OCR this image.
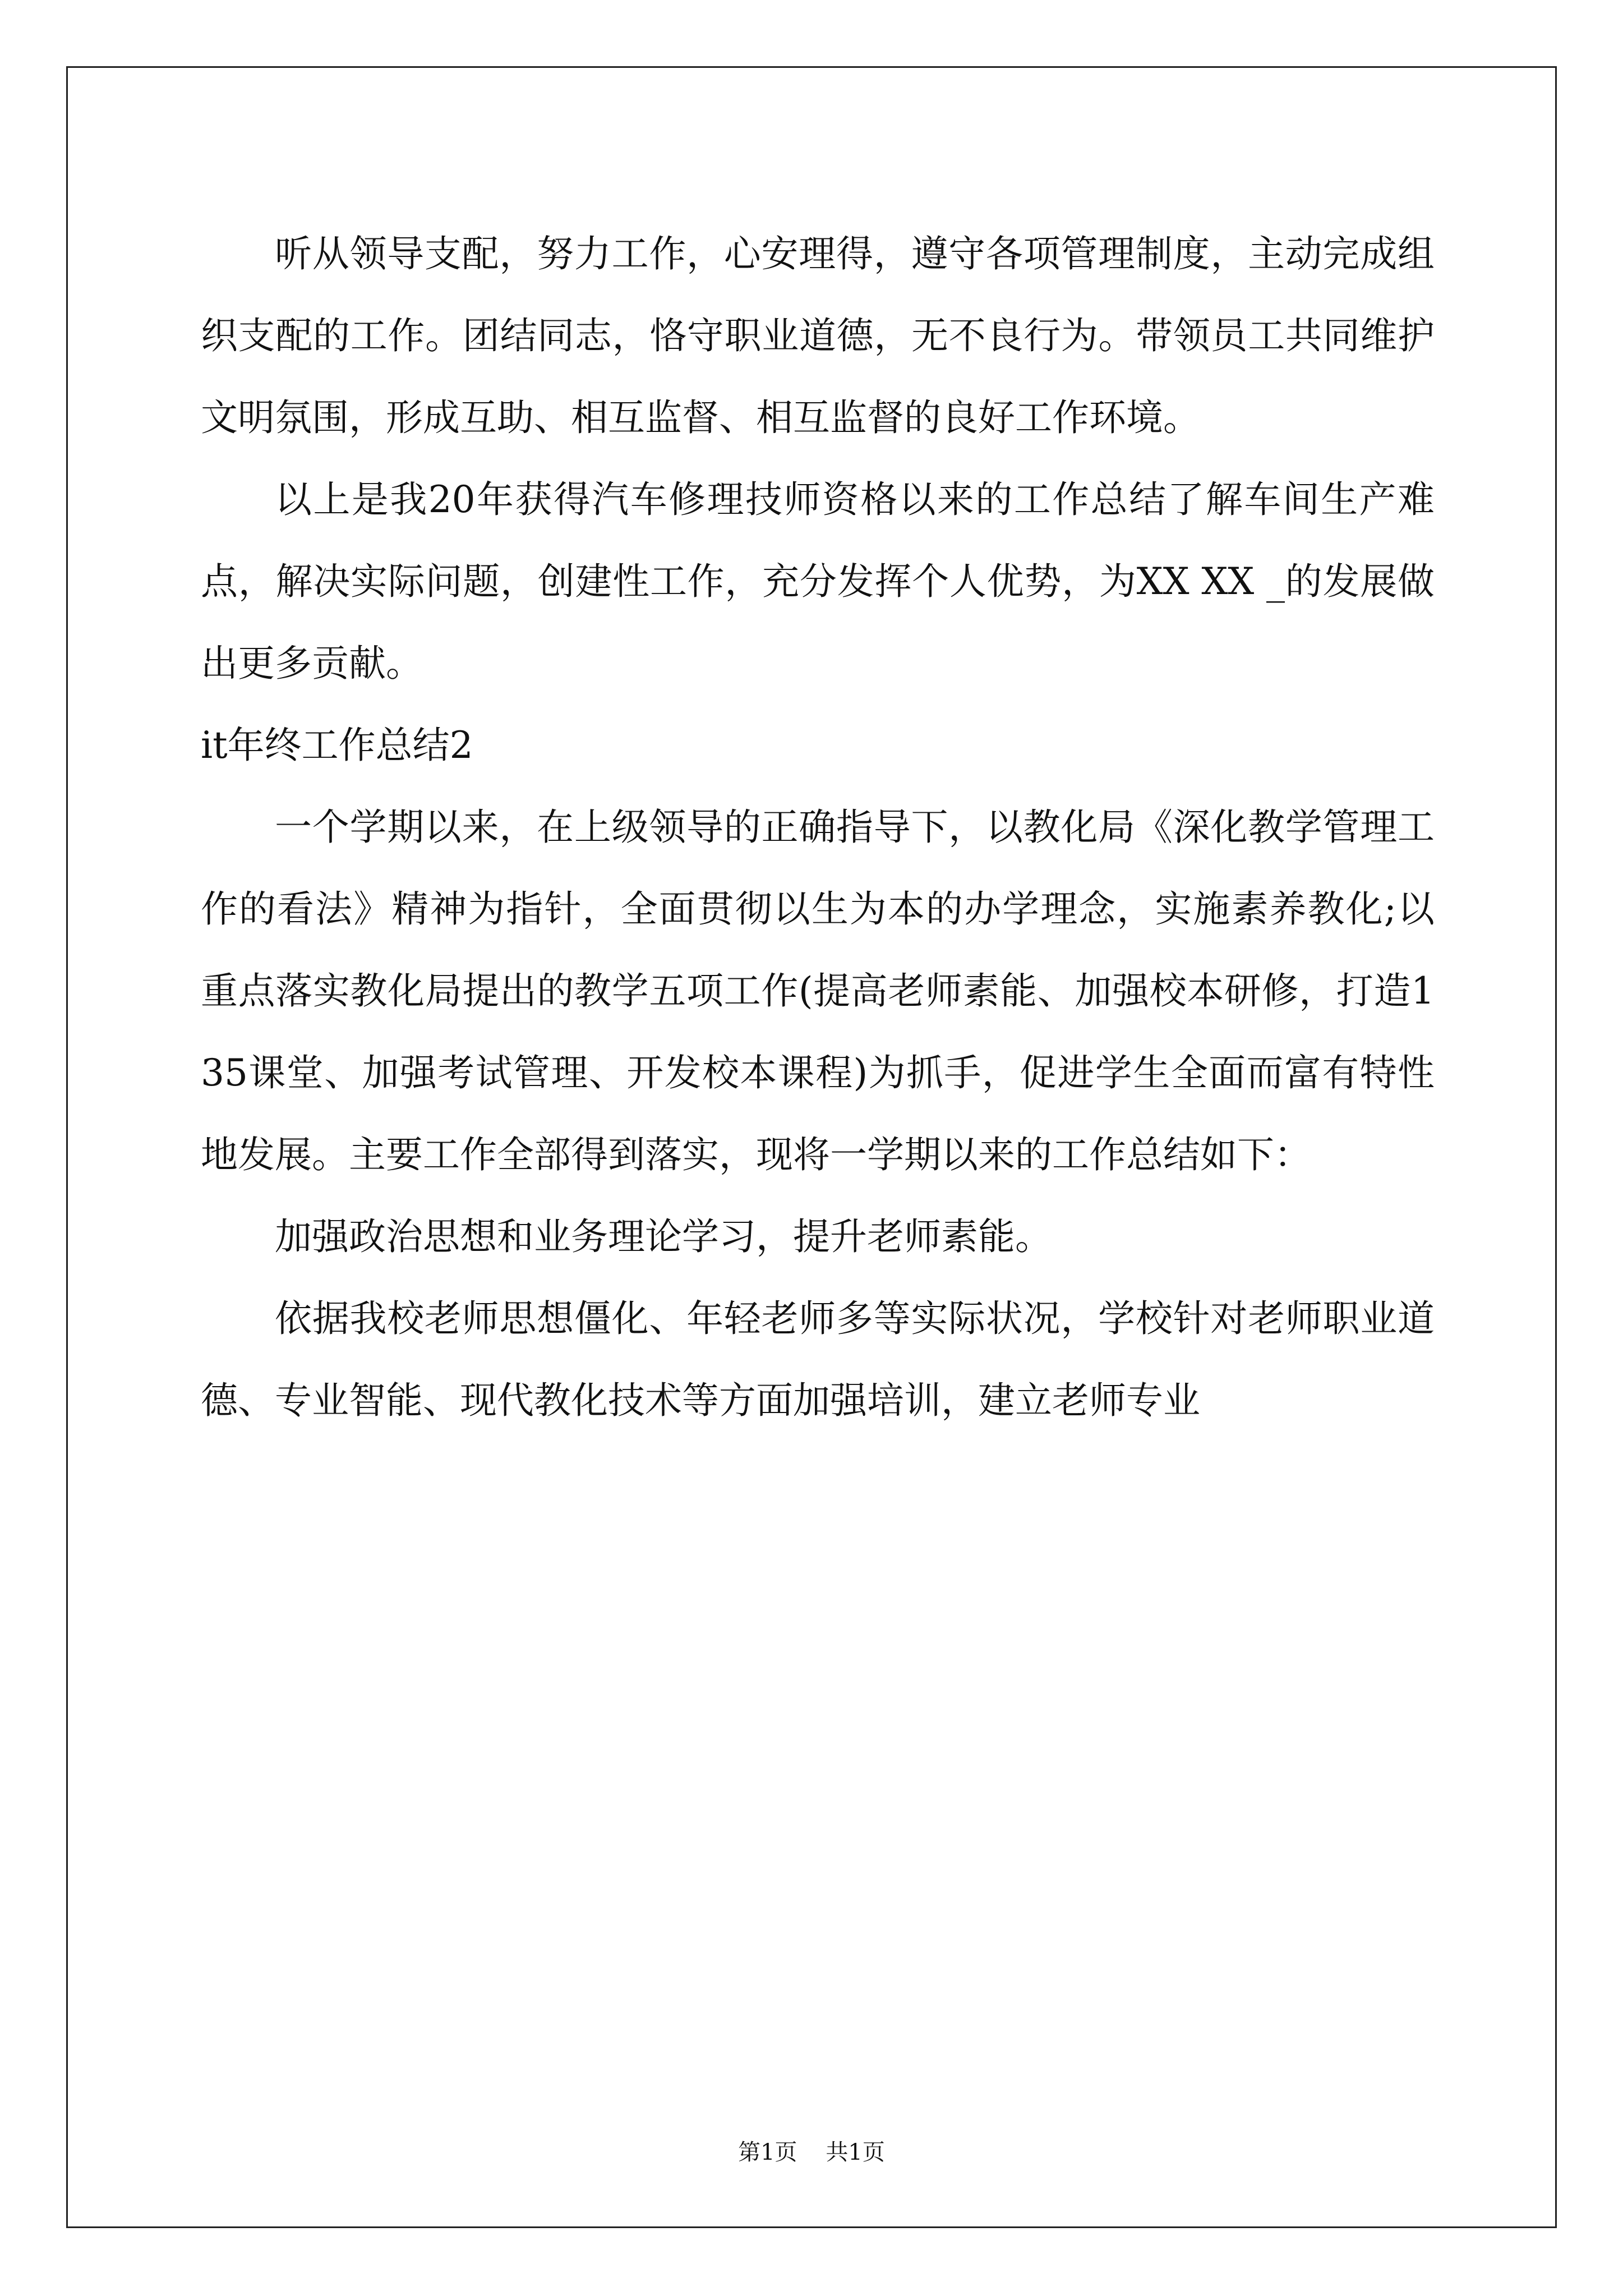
听从领导支配，努力工作，心安理得，遵守各项管理制度，主动完成组织支配的工作。团结同志，恪守职业道德，无不良行为。带领员工共同维护文明氛围，形成互助、相互监督、相互监督的良好工作环境。

以上是我20年获得汽车修理技师资格以来的工作总结了解车间生产难点，解决实际问题，创建性工作，充分发挥个人优势，为XX XX _的发展做出更多贡献。

it年终工作总结2

一个学期以来，在上级领导的正确指导下，以教化局《深化教学管理工作的看法》精神为指针，全面贯彻以生为本的办学理念，实施素养教化;以重点落实教化局提出的教学五项工作(提高老师素能、加强校本研修，打造135课堂、加强考试管理、开发校本课程)为抓手，促进学生全面而富有特性地发展。主要工作全部得到落实，现将一学期以来的工作总结如下：

加强政治思想和业务理论学习，提升老师素能。

依据我校老师思想僵化、年轻老师多等实际状况，学校针对老师职业道德、专业智能、现代教化技术等方面加强培训，建立老师专业

第1页    共1页
